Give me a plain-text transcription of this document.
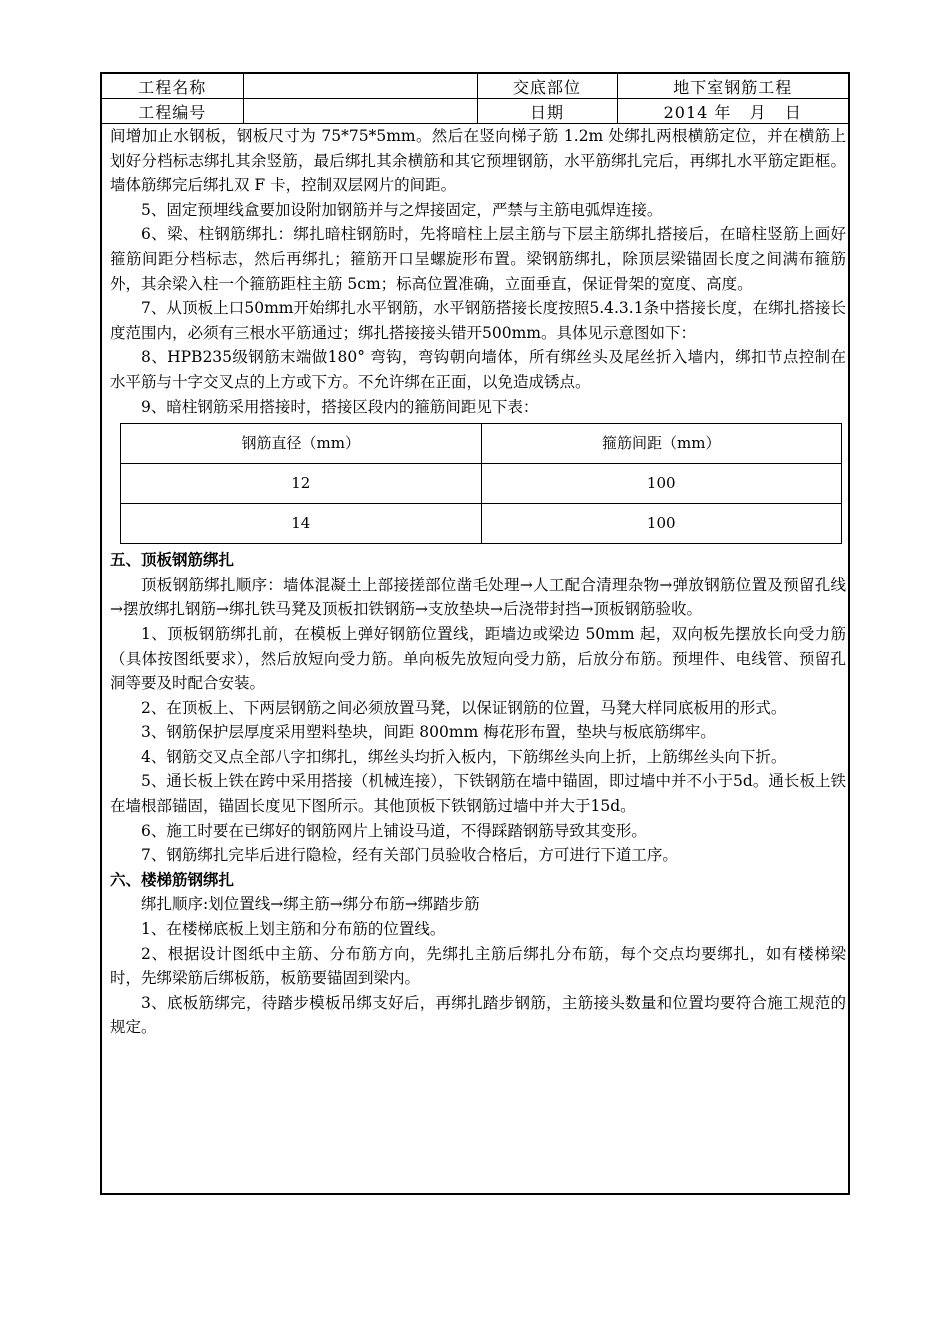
工程名称		交底部位	地下室钢筋工程
工程编号		日期	2014 年   月   日

间增加止水钢板，钢板尺寸为 75*75*5mm。然后在竖向梯子筋 1.2m 处绑扎两根横筋定位，并在横筋上划好分档标志绑扎其余竖筋，最后绑扎其余横筋和其它预埋钢筋，水平筋绑扎完后，再绑扎水平筋定距框。墙体筋绑完后绑扎双 F 卡，控制双层网片的间距。

5、固定预埋线盒要加设附加钢筋并与之焊接固定，严禁与主筋电弧焊连接。

6、梁、柱钢筋绑扎：绑扎暗柱钢筋时，先将暗柱上层主筋与下层主筋绑扎搭接后，在暗柱竖筋上画好箍筋间距分档标志，然后再绑扎；箍筋开口呈螺旋形布置。梁钢筋绑扎，除顶层梁锚固长度之间满布箍筋外，其余梁入柱一个箍筋距柱主筋 5cm；标高位置准确，立面垂直，保证骨架的宽度、高度。

7、从顶板上口50mm开始绑扎水平钢筋，水平钢筋搭接长度按照5.4.3.1条中搭接长度，在绑扎搭接长度范围内，必须有三根水平筋通过；绑扎搭接接头错开500mm。具体见示意图如下：

8、HPB235级钢筋末端做180° 弯钩，弯钩朝向墙体，所有绑丝头及尾丝折入墙内，绑扣节点控制在水平筋与十字交叉点的上方或下方。不允许绑在正面，以免造成锈点。

9、暗柱钢筋采用搭接时，搭接区段内的箍筋间距见下表：

钢筋直径（mm）	箍筋间距（mm）
12	100
14	100

五、顶板钢筋绑扎

顶板钢筋绑扎顺序：墙体混凝土上部接搓部位凿毛处理→人工配合清理杂物→弹放钢筋位置及预留孔线→摆放绑扎钢筋→绑扎铁马凳及顶板扣铁钢筋→支放垫块→后浇带封挡→顶板钢筋验收。

1、顶板钢筋绑扎前，在模板上弹好钢筋位置线，距墙边或梁边 50mm 起，双向板先摆放长向受力筋（具体按图纸要求），然后放短向受力筋。单向板先放短向受力筋，后放分布筋。预埋件、电线管、预留孔洞等要及时配合安装。

2、在顶板上、下两层钢筋之间必须放置马凳，以保证钢筋的位置，马凳大样同底板用的形式。

3、钢筋保护层厚度采用塑料垫块，间距 800mm 梅花形布置，垫块与板底筋绑牢。

4、钢筋交叉点全部八字扣绑扎，绑丝头均折入板内，下筋绑丝头向上折，上筋绑丝头向下折。

5、通长板上铁在跨中采用搭接（机械连接），下铁钢筋在墙中锚固，即过墙中并不小于5d。通长板上铁在墙根部锚固，锚固长度见下图所示。其他顶板下铁钢筋过墙中并大于15d。

6、施工时要在已绑好的钢筋网片上铺设马道，不得踩踏钢筋导致其变形。

7、钢筋绑扎完毕后进行隐检，经有关部门员验收合格后，方可进行下道工序。

六、楼梯筋钢绑扎

绑扎顺序:划位置线→绑主筋→绑分布筋→绑踏步筋

1、在楼梯底板上划主筋和分布筋的位置线。

2、根据设计图纸中主筋、分布筋方向，先绑扎主筋后绑扎分布筋，每个交点均要绑扎，如有楼梯梁时，先绑梁筋后绑板筋，板筋要锚固到梁内。

3、底板筋绑完，待踏步模板吊绑支好后，再绑扎踏步钢筋，主筋接头数量和位置均要符合施工规范的规定。
